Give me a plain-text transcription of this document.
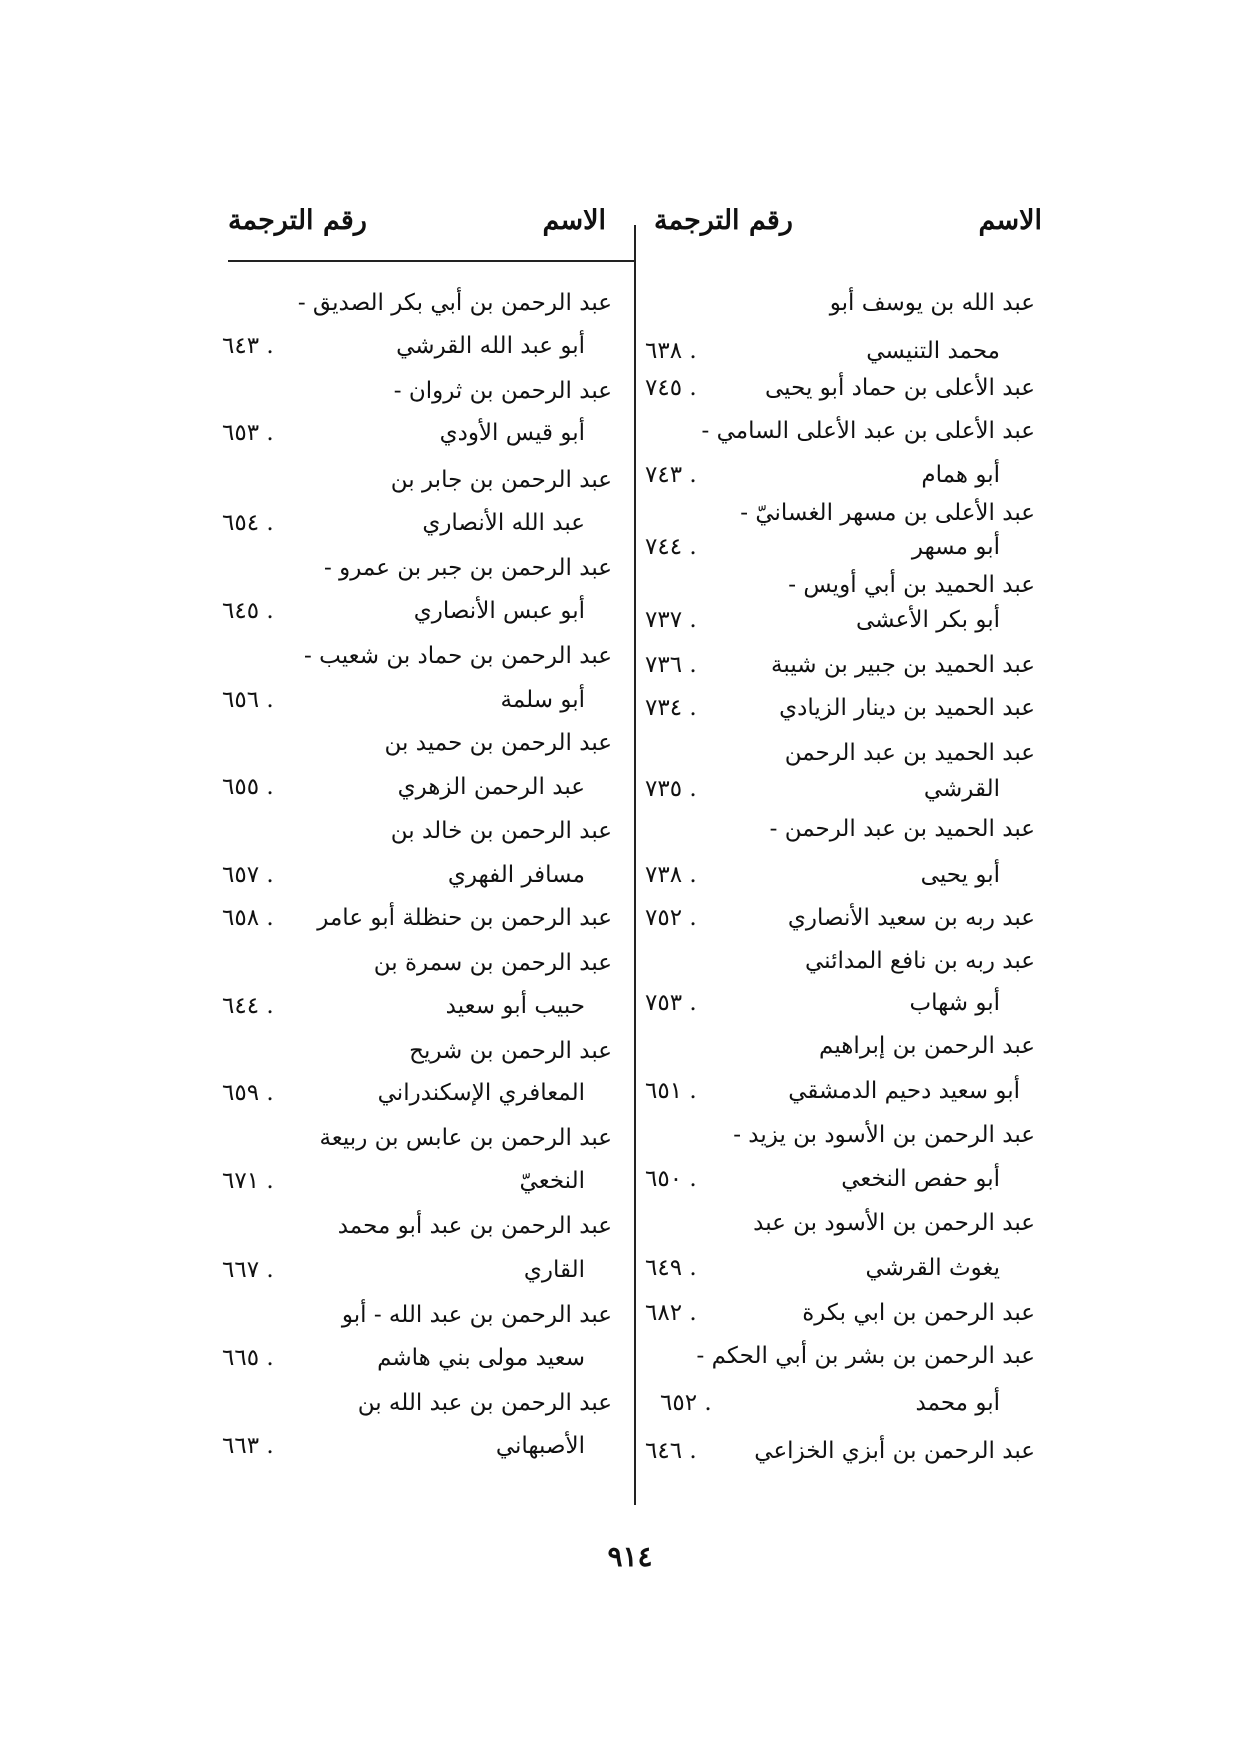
الاسم
رقم الترجمة
الاسم
رقم الترجمة
عبد الله بن يوسف أبو
محمد التنيسي
عبد الأعلى بن حماد أبو يحيى
عبد الأعلى بن عبد الأعلى السامي -
أبو همام
عبد الأعلى بن مسهر الغسانيّ -
أبو مسهر
عبد الحميد بن أبي أويس -
أبو بكر الأعشى
عبد الحميد بن جبير بن شيبة
عبد الحميد بن دينار الزيادي
عبد الحميد بن عبد الرحمن
القرشي
عبد الحميد بن عبد الرحمن -
أبو يحيى
عبد ربه بن سعيد الأنصاري
عبد ربه بن نافع المدائني
أبو شهاب
عبد الرحمن بن إبراهيم
أبو سعيد دحيم الدمشقي
عبد الرحمن بن الأسود بن يزيد -
أبو حفص النخعي
عبد الرحمن بن الأسود بن عبد
يغوث القرشي
عبد الرحمن بن ابي بكرة
عبد الرحمن بن بشر بن أبي الحكم -
أبو محمد
عبد الرحمن بن أبزي الخزاعي
٦٣٨ .
٧٤٥ .
٧٤٣ .
٧٤٤ .
٧٣٧ .
٧٣٦ .
٧٣٤ .
٧٣٥ .
٧٣٨ .
٧٥٢ .
٧٥٣ .
٦٥١ .
٦٥٠ .
٦٤٩ .
٦٨٢ .
٦٥٢ .
٦٤٦ .
عبد الرحمن بن أبي بكر الصديق -
أبو عبد الله القرشي
عبد الرحمن بن ثروان -
أبو قيس الأودي
عبد الرحمن بن جابر بن
عبد الله الأنصاري
عبد الرحمن بن جبر بن عمرو -
أبو عبس الأنصاري
عبد الرحمن بن حماد بن شعيب -
أبو سلمة
عبد الرحمن بن حميد بن
عبد الرحمن الزهري
عبد الرحمن بن خالد بن
مسافر الفهري
عبد الرحمن بن حنظلة أبو عامر
عبد الرحمن بن سمرة بن
حبيب أبو سعيد
عبد الرحمن بن شريح
المعافري الإسكندراني
عبد الرحمن بن عابس بن ربيعة
النخعيّ
عبد الرحمن بن عبد أبو محمد
القاري
عبد الرحمن بن عبد الله - أبو
سعيد مولى بني هاشم
عبد الرحمن بن عبد الله بن
الأصبهاني
٦٤٣ .
٦٥٣ .
٦٥٤ .
٦٤٥ .
٦٥٦ .
٦٥٥ .
٦٥٧ .
٦٥٨ .
٦٤٤ .
٦٥٩ .
٦٧١ .
٦٦٧ .
٦٦٥ .
٦٦٣ .
٩١٤
